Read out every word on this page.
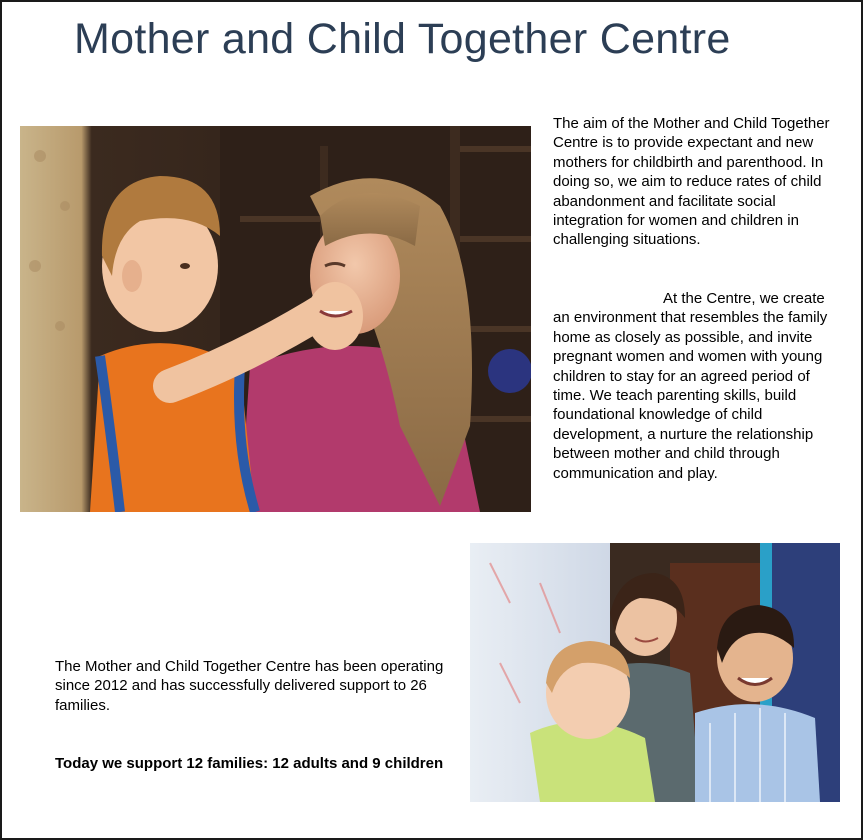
Mother and Child Together Centre
The aim of the Mother and Child Together Centre is to provide expectant and new mothers for childbirth and parenthood. In doing so, we aim to reduce rates of child abandonment and facilitate social integration for women and children in challenging situations.
At the Centre, we create an environment that resembles the family home as closely as possible, and invite pregnant women and women with young children to stay for an agreed period of time. We teach parenting skills, build foundational knowledge of child development, a nurture the relationship between mother and child through communication and play.
The Mother and Child Together Centre has been operating since 2012 and has successfully delivered support to 26 families.
Today we support 12 families: 12 adults and 9 children
